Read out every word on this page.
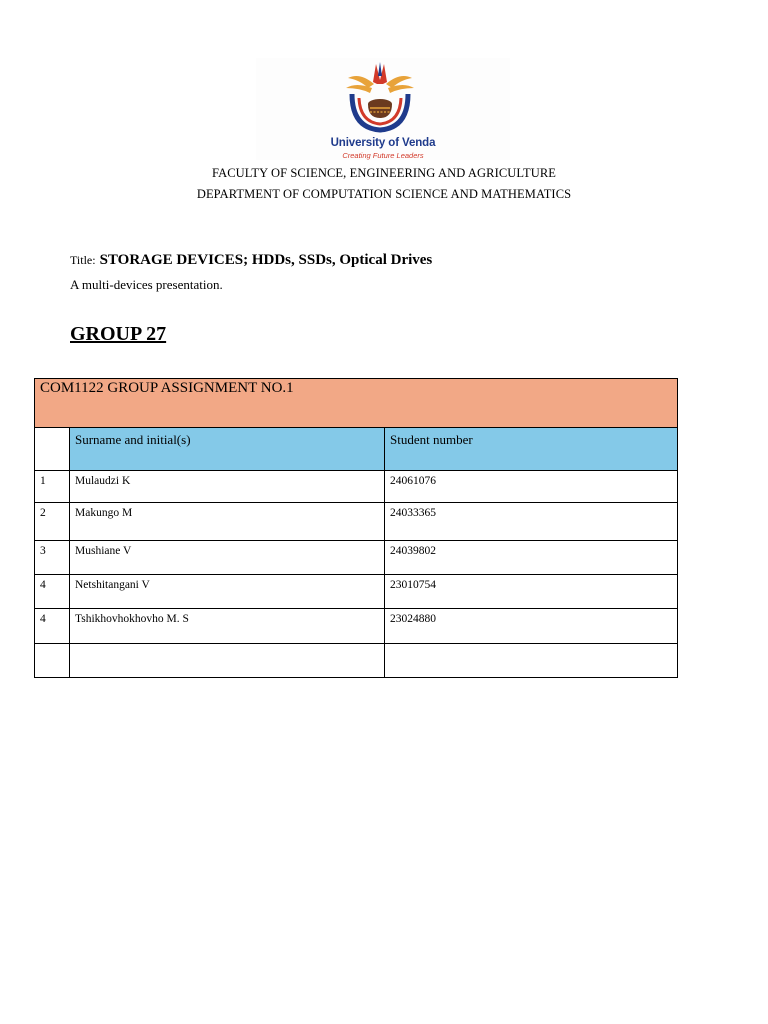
University of Venda
Creating Future Leaders
FACULTY OF SCIENCE, ENGINEERING AND AGRICULTURE
DEPARTMENT OF COMPUTATION SCIENCE AND MATHEMATICS
Title: STORAGE DEVICES; HDDs, SSDs, Optical Drives
A multi-devices presentation.
GROUP 27
COM1122 GROUP ASSIGNMENT NO.1		
	Surname and initial(s)	Student number
1	Mulaudzi K	24061076
2	Makungo M	24033365
3	Mushiane V	24039802
4	Netshitangani V	23010754
4	Tshikhovhokhovho M. S	23024880
